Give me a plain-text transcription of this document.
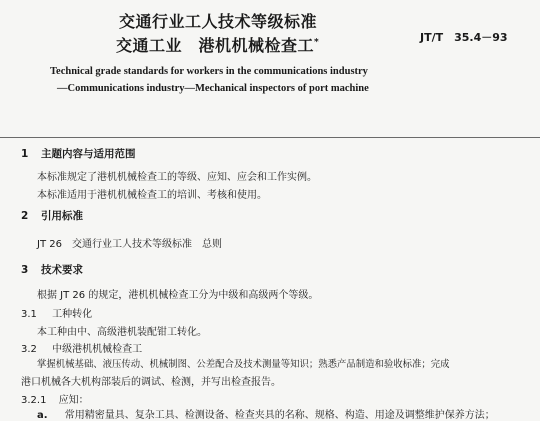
交通行业工人技术等级标准
JT/T　35.4－93
交通工业　港机机械检查工*
Technical grade standards for workers in the communications industry
—Communications industry—Mechanical inspectors of port machine
1 主题内容与适用范围
本标准规定了港机机械检查工的等级、应知、应会和工作实例。
本标准适用于港机机械检查工的培训、考核和使用。
2 引用标准
JT 26　交通行业工人技术等级标准　总则
3 技术要求
根据 JT 26 的规定，港机机械检查工分为中级和高级两个等级。
3.1 工种转化
本工种由中、高级港机装配钳工转化。
3.2 中级港机机械检查工
掌握机械基础、液压传动、机械制图、公差配合及技术测量等知识；熟悉产品制造和验收标准；完成
港口机械各大机构部装后的调试、检测，并写出检查报告。
3.2.1 应知：
a. 常用精密量具、复杂工具、检测设备、检查夹具的名称、规格、构造、用途及调整维护保养方法；
